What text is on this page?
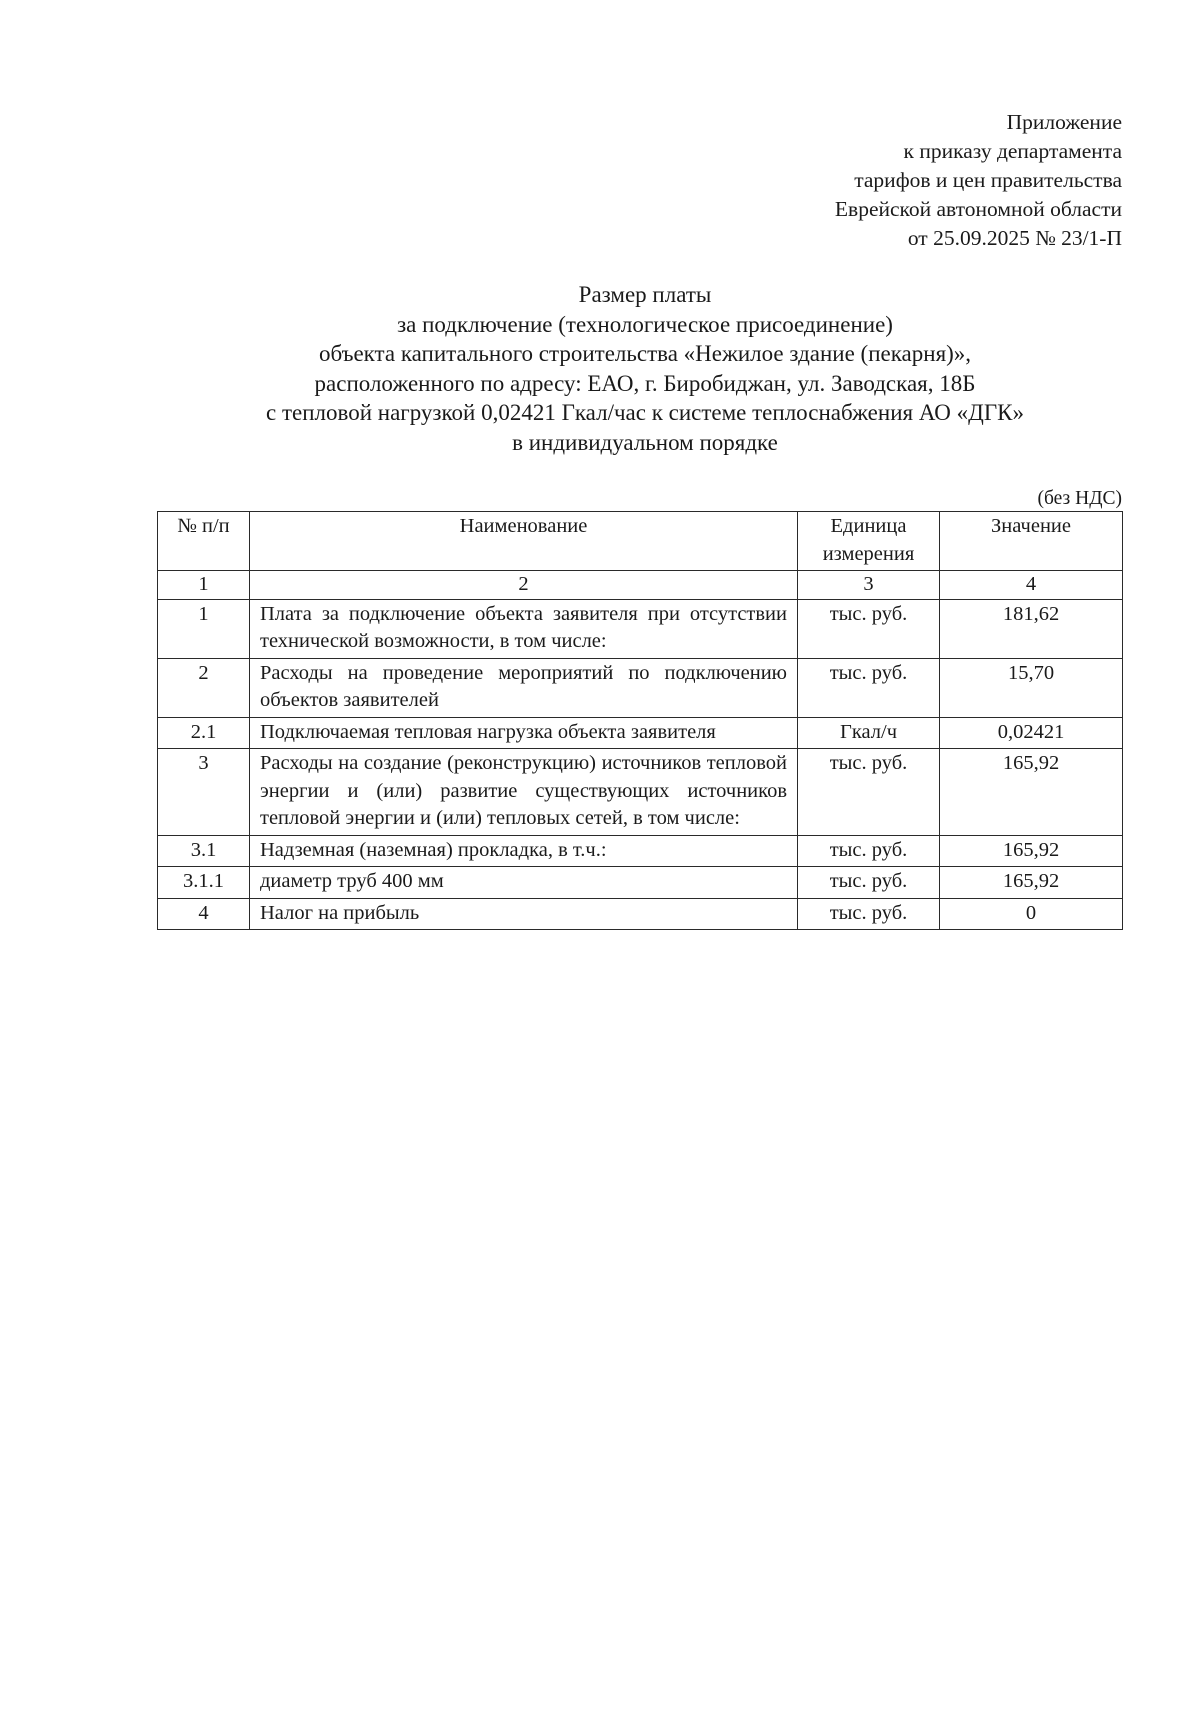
Приложение
к приказу департамента
тарифов и цен правительства
Еврейской автономной области
от 25.09.2025 № 23/1-П
Размер платы
за подключение (технологическое присоединение)
объекта капитального строительства «Нежилое здание (пекарня)»,
расположенного по адресу: ЕАО, г. Биробиджан, ул. Заводская, 18Б
с тепловой нагрузкой 0,02421 Гкал/час к системе теплоснабжения АО «ДГК»
в индивидуальном порядке
(без НДС)
№ п/п	Наименование	Единица измерения	Значение
1	2	3	4
1	Плата за подключение объекта заявителя при отсутствии технической возможности, в том числе:	тыс. руб.	181,62
2	Расходы на проведение мероприятий по подключению объектов заявителей	тыс. руб.	15,70
2.1	Подключаемая тепловая нагрузка объекта заявителя	Гкал/ч	0,02421
3	Расходы на создание (реконструкцию) источников тепловой энергии и (или) развитие существующих источников тепловой энергии и (или) тепловых сетей, в том числе:	тыс. руб.	165,92
3.1	Надземная (наземная) прокладка, в т.ч.:	тыс. руб.	165,92
3.1.1	диаметр труб 400 мм	тыс. руб.	165,92
4	Налог на прибыль	тыс. руб.	0
